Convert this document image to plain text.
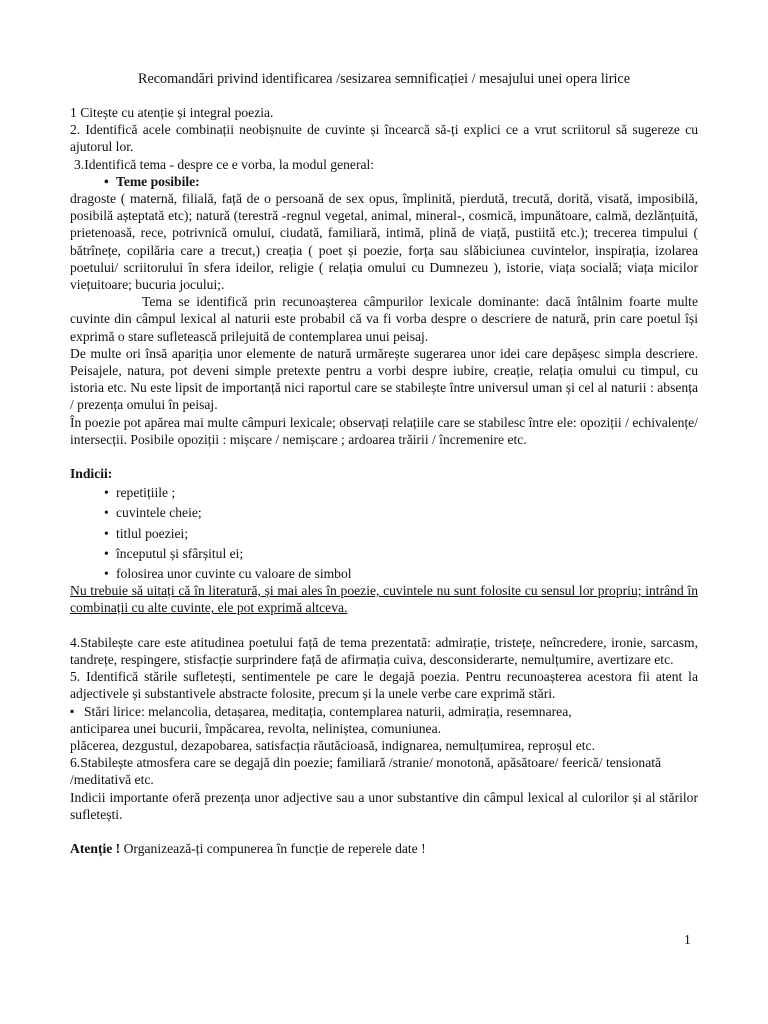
Recomandări privind identificarea /sesizarea semnificației / mesajului unei opera lirice

1 Citește cu atenție și integral poezia.

2. Identifică acele combinații neobișnuite de cuvinte și încearcă să-ți explici ce a vrut scriitorul să sugereze cu ajutorul lor.

3.Identifică tema - despre ce e vorba, la modul general:

• Teme posibile:

dragoste ( maternă, filială, față de o persoană de sex opus, împlinită, pierdută, trecută, dorită, visată, imposibilă, posibilă așteptată etc); natură (terestră -regnul vegetal, animal, mineral-, cosmică, impunătoare, calmă, dezlănțuită, prietenoasă, rece, potrivnică omului, ciudată, familiară, intimă, plină de viață, pustiită etc.); trecerea timpului ( bătrînețe, copilăria care a trecut,) creația ( poet și poezie, forța sau slăbiciunea cuvintelor, inspirația, izolarea poetului/ scriitorului în sfera ideilor, religie ( relația omului cu Dumnezeu ), istorie, viața socială; viața micilor viețuitoare; bucuria jocului;.

Tema se identifică prin recunoașterea câmpurilor lexicale dominante: dacă întâlnim foarte multe cuvinte din câmpul lexical al naturii este probabil că va fi vorba despre o descriere de natură, prin care poetul își exprimă o stare sufletească prilejuită de contemplarea unui peisaj.

De multe ori însă apariția unor elemente de natură urmărește sugerarea unor idei care depășesc simpla descriere. Peisajele, natura, pot deveni simple pretexte pentru a vorbi despre iubire, creație, relația omului cu timpul, cu istoria etc. Nu este lipsit de importanță nici raportul care se stabilește între universul uman și cel al naturii : absența / prezența omului în peisaj.

În poezie pot apărea mai multe câmpuri lexicale; observați relațiile care se stabilesc între ele: opoziții / echivalențe/ intersecții. Posibile opoziții : mișcare / nemișcare ; ardoarea trăirii / încremenire etc.

Indicii:

• repetițiile ;

• cuvintele cheie;

• titlul poeziei;

• începutul și sfârșitul ei;

• folosirea unor cuvinte cu valoare de simbol

Nu trebuie să uitați că în literatură, și mai ales în poezie, cuvintele nu sunt folosite cu sensul lor propriu; intrând în combinații cu alte cuvinte, ele pot exprimă altceva.

4.Stabilește care este atitudinea poetului față de tema prezentată: admirație, tristețe, neîncredere, ironie, sarcasm, tandrețe, respingere, stisfacție surprindere față de afirmația cuiva, desconsiderarte, nemulțumire, avertizare etc.

5. Identifică stările sufletești, sentimentele pe care le degajă poezia. Pentru recunoașterea acestora fii atent la adjectivele și substantivele abstracte folosite, precum și la unele verbe care exprimă stări.

▪ Stări lirice: melancolia, detașarea, meditația, contemplarea naturii, admirația, resemnarea,

anticiparea unei bucurii, împăcarea, revolta, neliniștea, comuniunea.

plăcerea, dezgustul, dezapobarea, satisfacția răutăcioasă, indignarea, nemulțumirea, reproșul etc.

6.Stabilește atmosfera care se degajă din poezie; familiară /stranie/ monotonă, apăsătoare/ feerică/ tensionată /meditativă etc.

Indicii importante oferă prezența unor adjective sau a unor substantive din câmpul lexical al culorilor și al stărilor sufletești.

Atenție ! Organizează-ți compunerea în funcție de reperele date !

1
